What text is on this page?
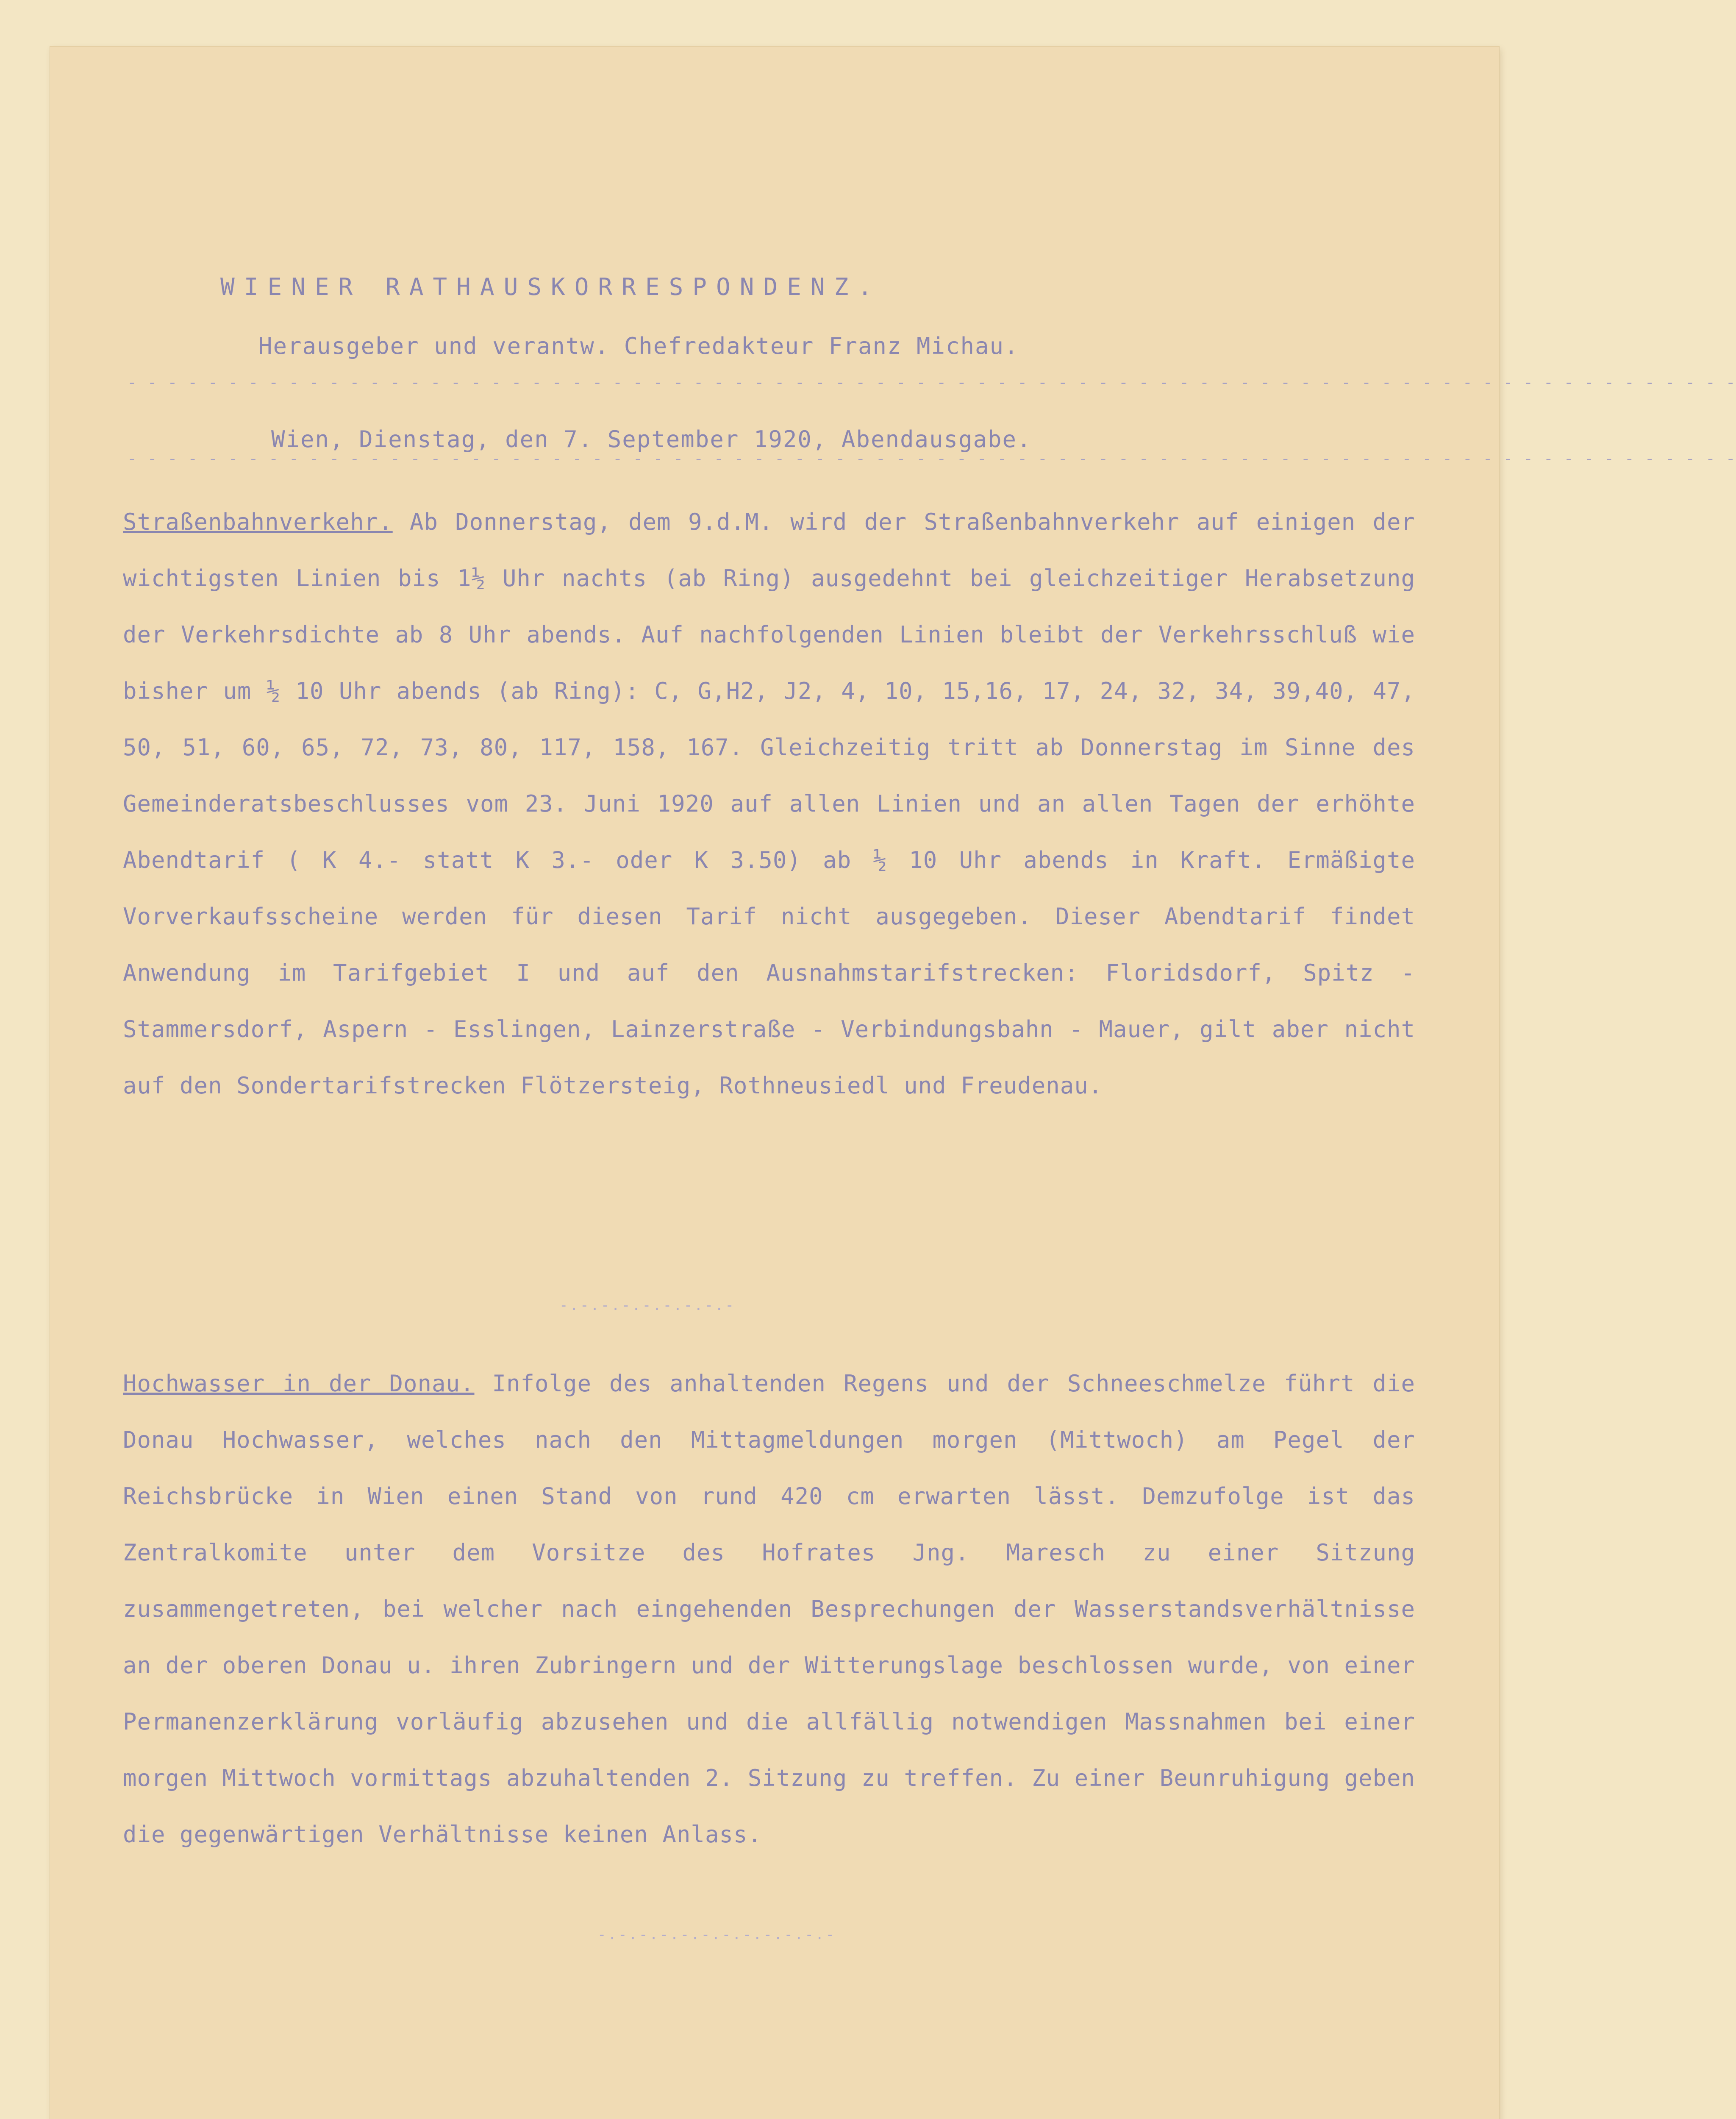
WIENER RATHAUSKORRESPONDENZ.
Herausgeber und verantw. Chefredakteur Franz Michau.
- - - - - - - - - - - - - - - - - - - - - - - - - - - - - - - - - - - - - - - - - - - - - - - - - - - - - - - - - - - - - - - - - - - - - - - - - - - - - - - -
Wien, Dienstag, den 7. September 1920, Abendausgabe.
- - - - - - - - - - - - - - - - - - - - - - - - - - - - - - - - - - - - - - - - - - - - - - - - - - - - - - - - - - - - - - - - - - - - - - - - - - - - - - - -
Straßenbahnverkehr. Ab Donnerstag, dem 9.d.M. wird der Straßenbahnverkehr auf einigen der wichtigsten Linien bis 1½ Uhr nachts (ab Ring) ausgedehnt bei gleichzeitiger Herabsetzung der Verkehrsdichte ab 8 Uhr abends. Auf nachfolgenden Linien bleibt der Verkehrsschluß wie bisher um ½ 10 Uhr abends (ab Ring): C, G,H2, J2, 4, 10, 15,16, 17, 24, 32, 34, 39,40, 47, 50, 51, 60, 65, 72, 73, 80, 117, 158, 167. Gleichzeitig tritt ab Donnerstag im Sinne des Gemeinderatsbeschlusses vom 23. Juni 1920 auf allen Linien und an allen Tagen der erhöhte Abendtarif ( K 4.- statt K 3.- oder K 3.50) ab ½ 10 Uhr abends in Kraft. Ermäßigte Vorverkaufsscheine werden für diesen Tarif nicht ausgegeben. Dieser Abendtarif findet Anwendung im Tarifgebiet I und auf den Ausnahmstarifstrecken: Floridsdorf, Spitz - Stammersdorf, Aspern - Esslingen, Lainzerstraße - Verbindungsbahn - Mauer, gilt aber nicht auf den Sondertarifstrecken Flötzersteig, Rothneusiedl und Freudenau.
-.-.-.-.-.-.-.-.-
Hochwasser in der Donau. Infolge des anhaltenden Regens und der Schneeschmelze führt die Donau Hochwasser, welches nach den Mittagmeldungen morgen (Mittwoch) am Pegel der Reichsbrücke in Wien einen Stand von rund 420 cm erwarten lässt. Demzufolge ist das Zentralkomite unter dem Vorsitze des Hofrates Jng. Maresch zu einer Sitzung zusammengetreten, bei welcher nach eingehenden Besprechungen der Wasserstandsverhältnisse an der oberen Donau u. ihren Zubringern und der Witterungslage beschlossen wurde, von einer Permanenzerklärung vorläufig abzusehen und die allfällig notwendigen Massnahmen bei einer morgen Mittwoch vormittags abzuhaltenden 2. Sitzung zu treffen. Zu einer Beunruhigung geben die gegenwärtigen Verhältnisse keinen Anlass.
-.-.-.-.-.-.-.-.-.-.-.-
